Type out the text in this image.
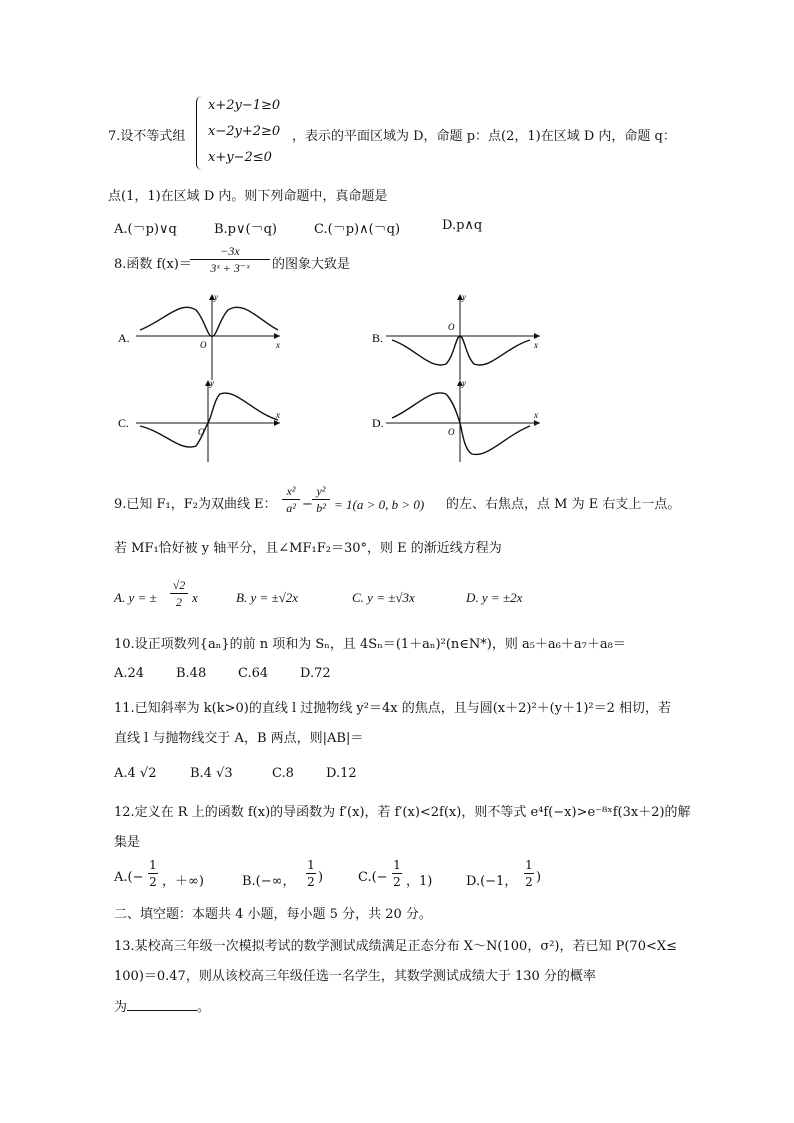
7.设不等式组
x+2y−1≥0
x−2y+2≥0
x+y−2≤0
，表示的平面区域为 D，命题 p：点(2，1)在区域 D 内，命题 q：
点(1，1)在区域 D 内。则下列命题中，真命题是
A.(￢p)∨q	B.p∨(￢q)	C.(￢p)∧(￢q)	D.p∧q
8.函数 f(x)＝
−3x
3ˣ + 3⁻ˣ 的图象大致是
A.
y
x
O	B.
y
x
O
C.
y
x
O
D.
y
x
O
9.已知 F₁，F₂为双曲线 E：
x²
a² −
y²
b² = 1(a > 0, b > 0) 的左、右焦点，点 M 为 E 右支上一点。
若 MF₁恰好被 y 轴平分，且∠MF₁F₂＝30°，则 E 的渐近线方程为
A. y = ±
√2
2 x	B. y = ±√2x	C. y = ±√3x	D. y = ±2x
10.设正项数列{aₙ}的前 n 项和为 Sₙ，且 4Sₙ＝(1＋aₙ)²(n∈N*)，则 a₅＋a₆＋a₇＋a₈＝
A.24 B.48 C.64 D.72
11.已知斜率为 k(k>0)的直线 l 过抛物线 y²＝4x 的焦点，且与圆(x＋2)²＋(y＋1)²＝2 相切，若
直线 l 与抛物线交于 A，B 两点，则|AB|＝
A.4 √2	B.4 √3	C.8 D.12
12.定义在 R 上的函数 f(x)的导函数为 f′(x)，若 f′(x)<2f(x)，则不等式 e⁴f(−x)>e⁻⁸ˣf(3x＋2)的解
集是
A.(−
1
2 ，＋∞)	B.(−∞，
1
2 )	C.(−
1
2 ，1)	D.(−1，
1
2 )
二、填空题：本题共 4 小题，每小题 5 分，共 20 分。
13.某校高三年级一次模拟考试的数学测试成绩满足正态分布 X～N(100，σ²)，若已知 P(70<X≤
100)＝0.47，则从该校高三年级任选一名学生，其数学测试成绩大于 130 分的概率
为	。
